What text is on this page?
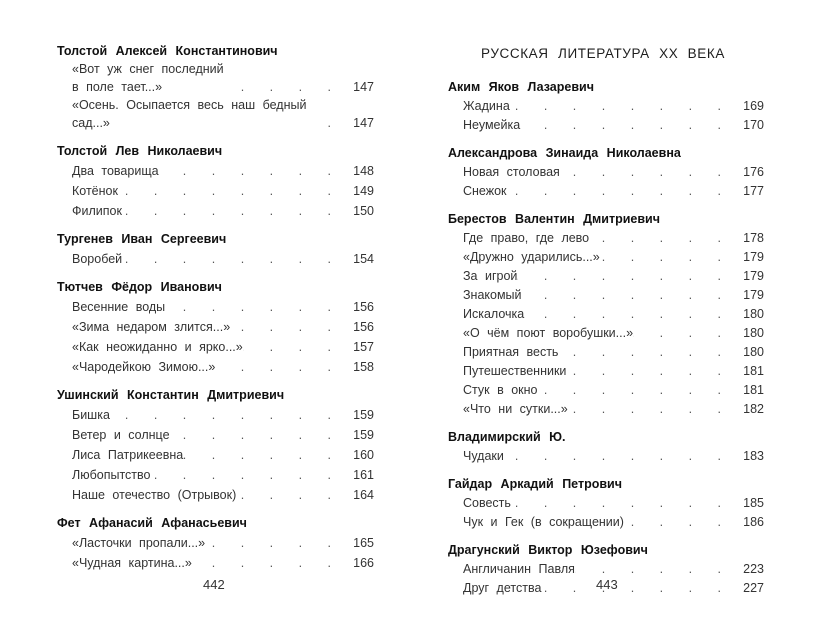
Толстой Алексей Константинович
«Вот уж снег последний
в поле тает...» . . .	147
«Осень. Осыпается весь наш бедный
сад...» . . .	147
Толстой Лев Николаевич
Два товарища . . .	148
Котёнок . . .	149
Филипок . . .	150
Тургенев Иван Сергеевич
Воробей . . .	154
Тютчев Фёдор Иванович
Весенние воды . . .	156
«Зима недаром злится...» . . .	156
«Как неожиданно и ярко...» . . .	157
«Чародейкою Зимою...» . . .	158
Ушинский Константин Дмитриевич
Бишка . . .	159
Ветер и солнце . . .	159
Лиса Патрикеевна . . .	160
Любопытство . . .	161
Наше отечество (Отрывок) . . .	164
Фет Афанасий Афанасьевич
«Ласточки пропали...» . . .	165
«Чудная картина...» . . .	166
РУССКАЯ ЛИТЕРАТУРА XX ВЕКА
Аким Яков Лазаревич
Жадина . . .	169
Неумейка . . .	170
Александрова Зинаида Николаевна
Новая столовая . . .	176
Снежок . . .	177
Берестов Валентин Дмитриевич
Где право, где лево . . .	178
«Дружно ударились...» . . .	179
За игрой . . .	179
Знакомый . . .	179
Искалочка . . .	180
«О чём поют воробушки...» . . .	180
Приятная весть . . .	180
Путешественники . . .	181
Стук в окно . . .	181
«Что ни сутки...» . . .	182
Владимирский Ю.
Чудаки . . .	183
Гайдар Аркадий Петрович
Совесть . . .	185
Чук и Гек (в сокращении) . . .	186
Драгунский Виктор Юзефович
Англичанин Павля . . .	223
Друг детства . . .	227
442	443
